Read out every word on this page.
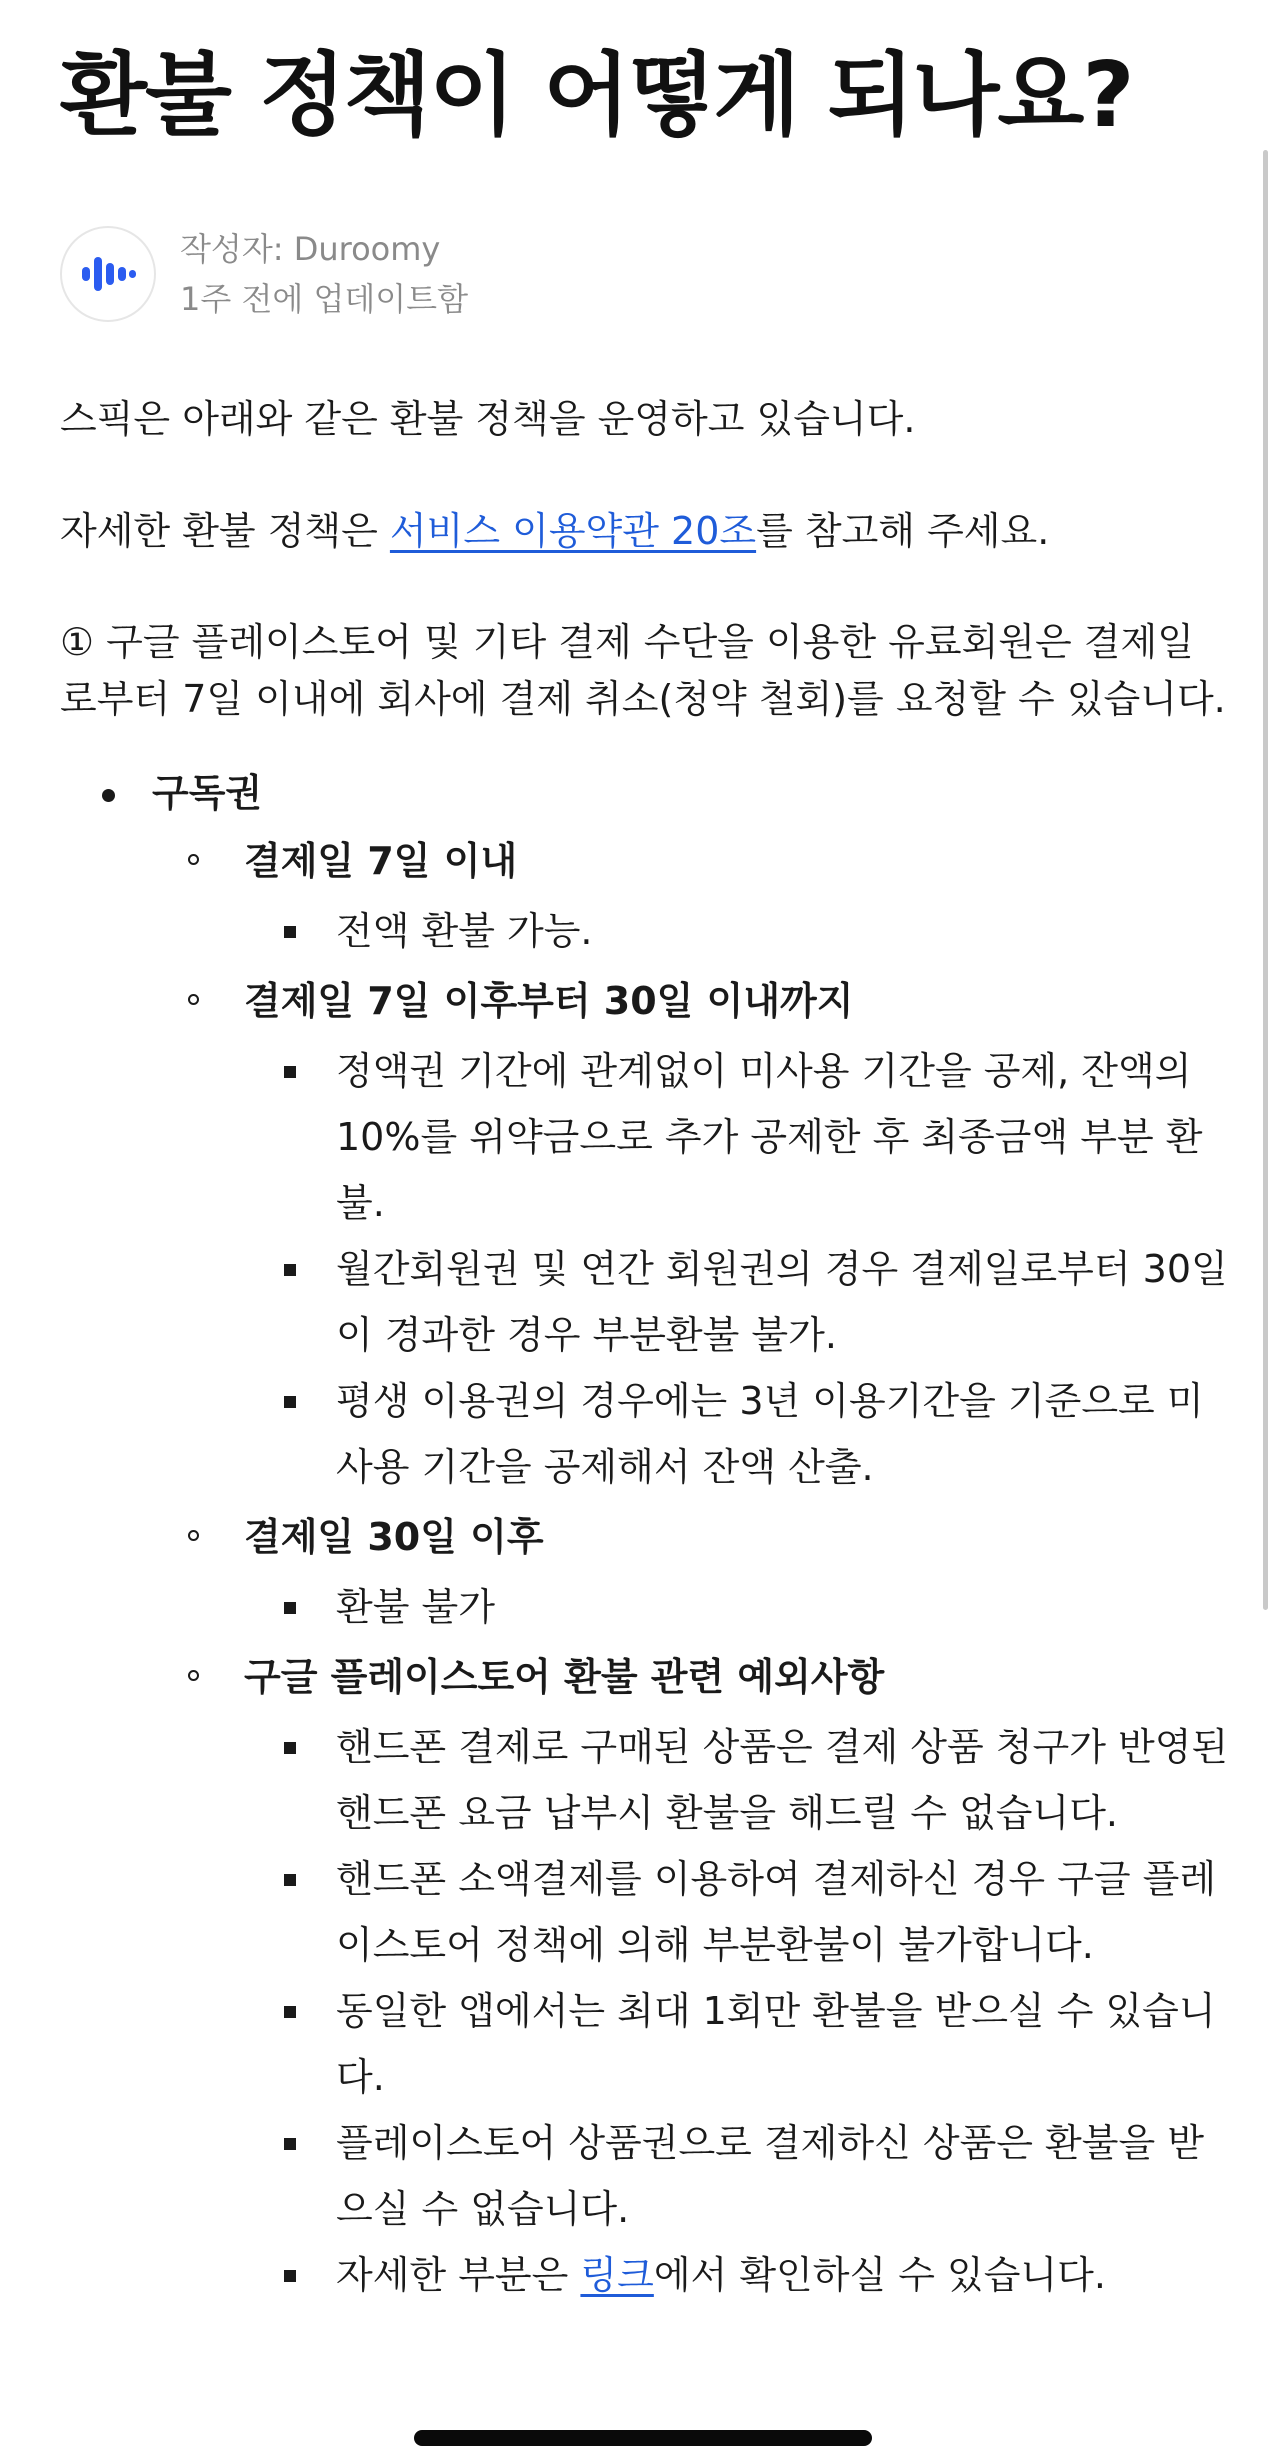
환불 정책이 어떻게 되나요?
작성자: Duroomy
1주 전에 업데이트함

스픽은 아래와 같은 환불 정책을 운영하고 있습니다.

자세한 환불 정책은 서비스 이용약관 20조를 참고해 주세요.

① 구글 플레이스토어 및 기타 결제 수단을 이용한 유료회원은 결제일로부터 7일 이내에 회사에 결제 취소(청약 철회)를 요청할 수 있습니다.

구독권
결제일 7일 이내
전액 환불 가능.
결제일 7일 이후부터 30일 이내까지
정액권 기간에 관계없이 미사용 기간을 공제, 잔액의 10%를 위약금으로 추가 공제한 후 최종금액 부분 환불.
월간회원권 및 연간 회원권의 경우 결제일로부터 30일이 경과한 경우 부분환불 불가.
평생 이용권의 경우에는 3년 이용기간을 기준으로 미사용 기간을 공제해서 잔액 산출.
결제일 30일 이후
환불 불가
구글 플레이스토어 환불 관련 예외사항
핸드폰 결제로 구매된 상품은 결제 상품 청구가 반영된 핸드폰 요금 납부시 환불을 해드릴 수 없습니다.
핸드폰 소액결제를 이용하여 결제하신 경우 구글 플레이스토어 정책에 의해 부분환불이 불가합니다.
동일한 앱에서는 최대 1회만 환불을 받으실 수 있습니다.
플레이스토어 상품권으로 결제하신 상품은 환불을 받으실 수 없습니다.
자세한 부분은 링크에서 확인하실 수 있습니다.
